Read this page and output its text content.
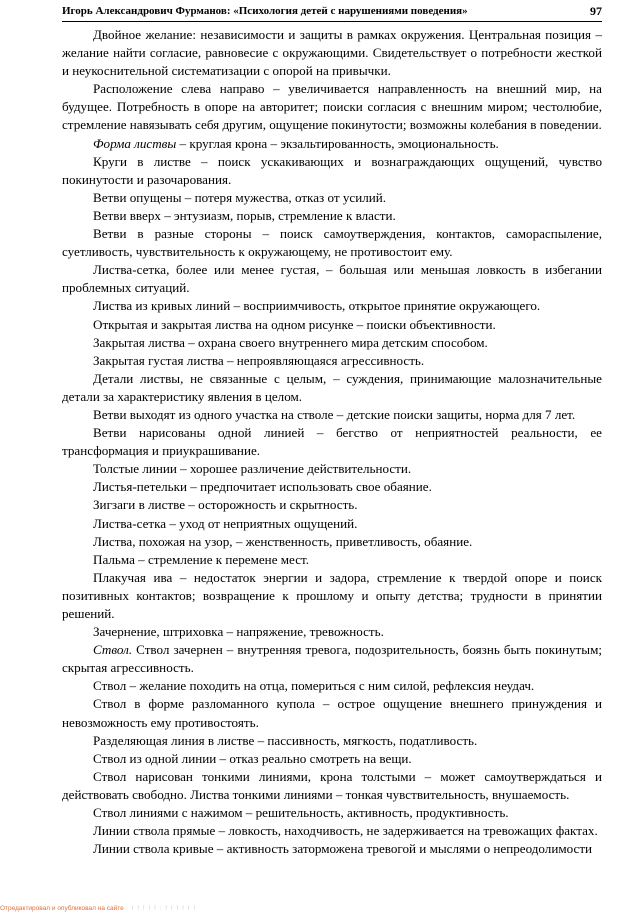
Игорь Александрович Фурманов: «Психология детей с нарушениями поведения»	97

Двойное желание: независимости и защиты в рамках окружения. Центральная позиция – желание найти согласие, равновесие с окружающими. Свидетельствует о потребности жесткой и неукоснительной систематизации с опорой на привычки.

Расположение слева направо – увеличивается направленность на внешний мир, на будущее. Потребность в опоре на авторитет; поиски согласия с внешним миром; честолюбие, стремление навязывать себя другим, ощущение покинутости; возможны колебания в поведении.

Форма листвы – круглая крона – экзальтированность, эмоциональность.

Круги в листве – поиск ускакивающих и вознаграждающих ощущений, чувство покинутости и разочарования.

Ветви опущены – потеря мужества, отказ от усилий.

Ветви вверх – энтузиазм, порыв, стремление к власти.

Ветви в разные стороны – поиск самоутверждения, контактов, самораспыление, суетливость, чувствительность к окружающему, не противостоит ему.

Листва-сетка, более или менее густая, – большая или меньшая ловкость в избегании проблемных ситуаций.

Листва из кривых линий – восприимчивость, открытое принятие окружающего.

Открытая и закрытая листва на одном рисунке – поиски объективности.

Закрытая листва – охрана своего внутреннего мира детским способом.

Закрытая густая листва – непроявляющаяся агрессивность.

Детали листвы, не связанные с целым, – суждения, принимающие малозначительные детали за характеристику явления в целом.

Ветви выходят из одного участка на стволе – детские поиски защиты, норма для 7 лет.

Ветви нарисованы одной линией – бегство от неприятностей реальности, ее трансформация и приукрашивание.

Толстые линии – хорошее различение действительности.

Листья-петельки – предпочитает использовать свое обаяние.

Зигзаги в листве – осторожность и скрытность.

Листва-сетка – уход от неприятных ощущений.

Листва, похожая на узор, – женственность, приветливость, обаяние.

Пальма – стремление к перемене мест.

Плакучая ива – недостаток энергии и задора, стремление к твердой опоре и поиск позитивных контактов; возвращение к прошлому и опыту детства; трудности в принятии решений.

Зачернение, штриховка – напряжение, тревожность.

Ствол. Ствол зачернен – внутренняя тревога, подозрительность, боязнь быть покинутым; скрытая агрессивность.

Ствол – желание походить на отца, помериться с ним силой, рефлексия неудач.

Ствол в форме разломанного купола – острое ощущение внешнего принуждения и невозможность ему противостоять.

Разделяющая линия в листве – пассивность, мягкость, податливость.

Ствол из одной линии – отказ реально смотреть на вещи.

Ствол нарисован тонкими линиями, крона толстыми – может самоутверждаться и действовать свободно. Листва тонкими линиями – тонкая чувствительность, внушаемость.

Ствол линиями с нажимом – решительность, активность, продуктивность.

Линии ствола прямые – ловкость, находчивость, не задерживается на тревожащих фактах.

Линии ствола кривые – активность заторможена тревогой и мыслями о непреодолимости

Отредактировал и опубликовал на сайте ! ! ! ! ! : ! ! ! ! ! !
